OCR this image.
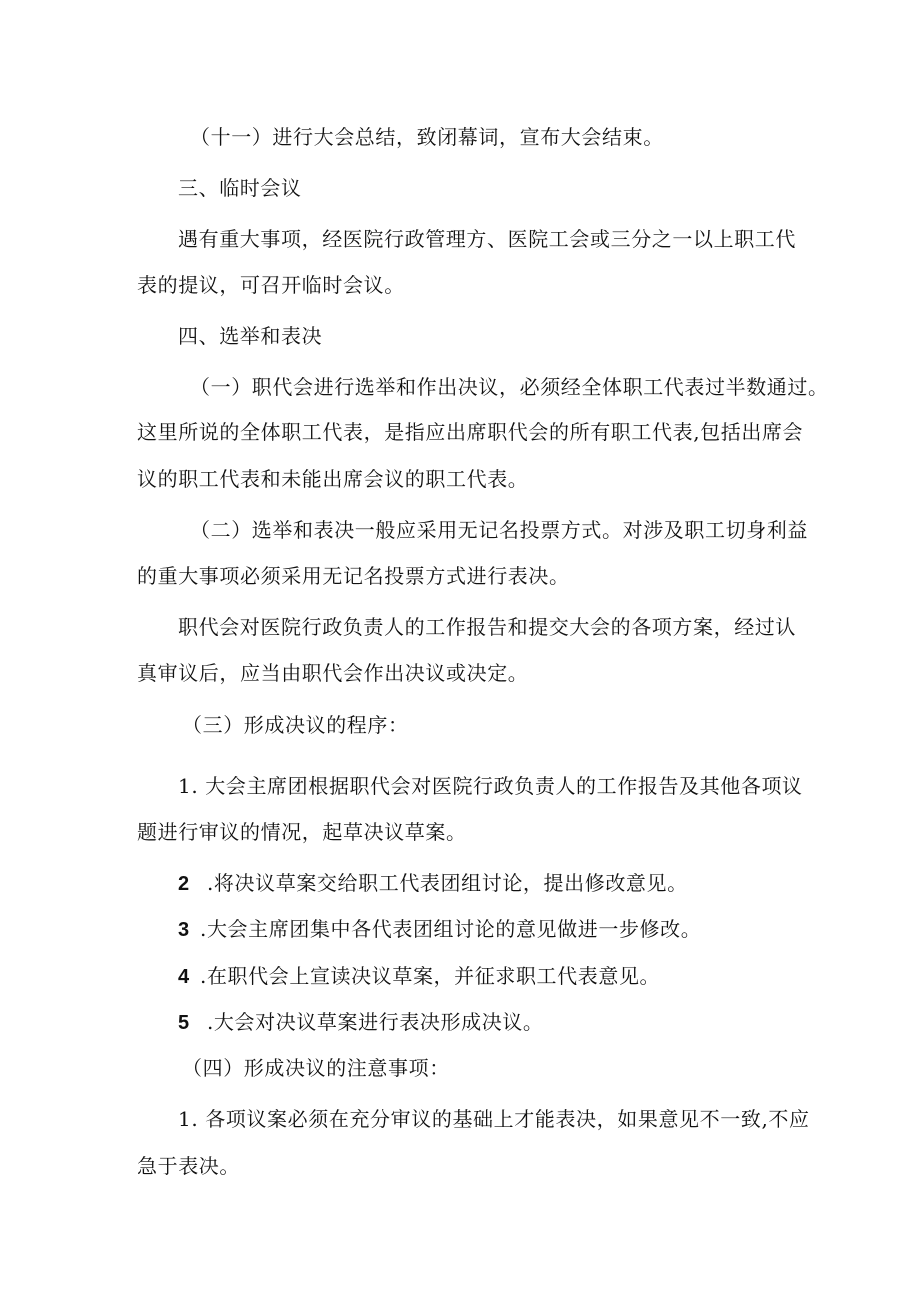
（十一）进行大会总结，致闭幕词，宣布大会结束。
三、临时会议
遇有重大事项，经医院行政管理方、医院工会或三分之一以上职工代
表的提议，可召开临时会议。
四、选举和表决
（一）职代会进行选举和作出决议，必须经全体职工代表过半数通过。
这里所说的全体职工代表，是指应出席职代会的所有职工代表,包括出席会
议的职工代表和未能出席会议的职工代表。
（二）选举和表决一般应采用无记名投票方式。对涉及职工切身利益
的重大事项必须采用无记名投票方式进行表决。
职代会对医院行政负责人的工作报告和提交大会的各项方案，经过认
真审议后，应当由职代会作出决议或决定。
（三）形成决议的程序：
1. 大会主席团根据职代会对医院行政负责人的工作报告及其他各项议
题进行审议的情况，起草决议草案。
2 .将决议草案交给职工代表团组讨论，提出修改意见。
3 .大会主席团集中各代表团组讨论的意见做进一步修改。
4 .在职代会上宣读决议草案，并征求职工代表意见。
5 .大会对决议草案进行表决形成决议。
（四）形成决议的注意事项：
1. 各项议案必须在充分审议的基础上才能表决，如果意见不一致,不应
急于表决。
